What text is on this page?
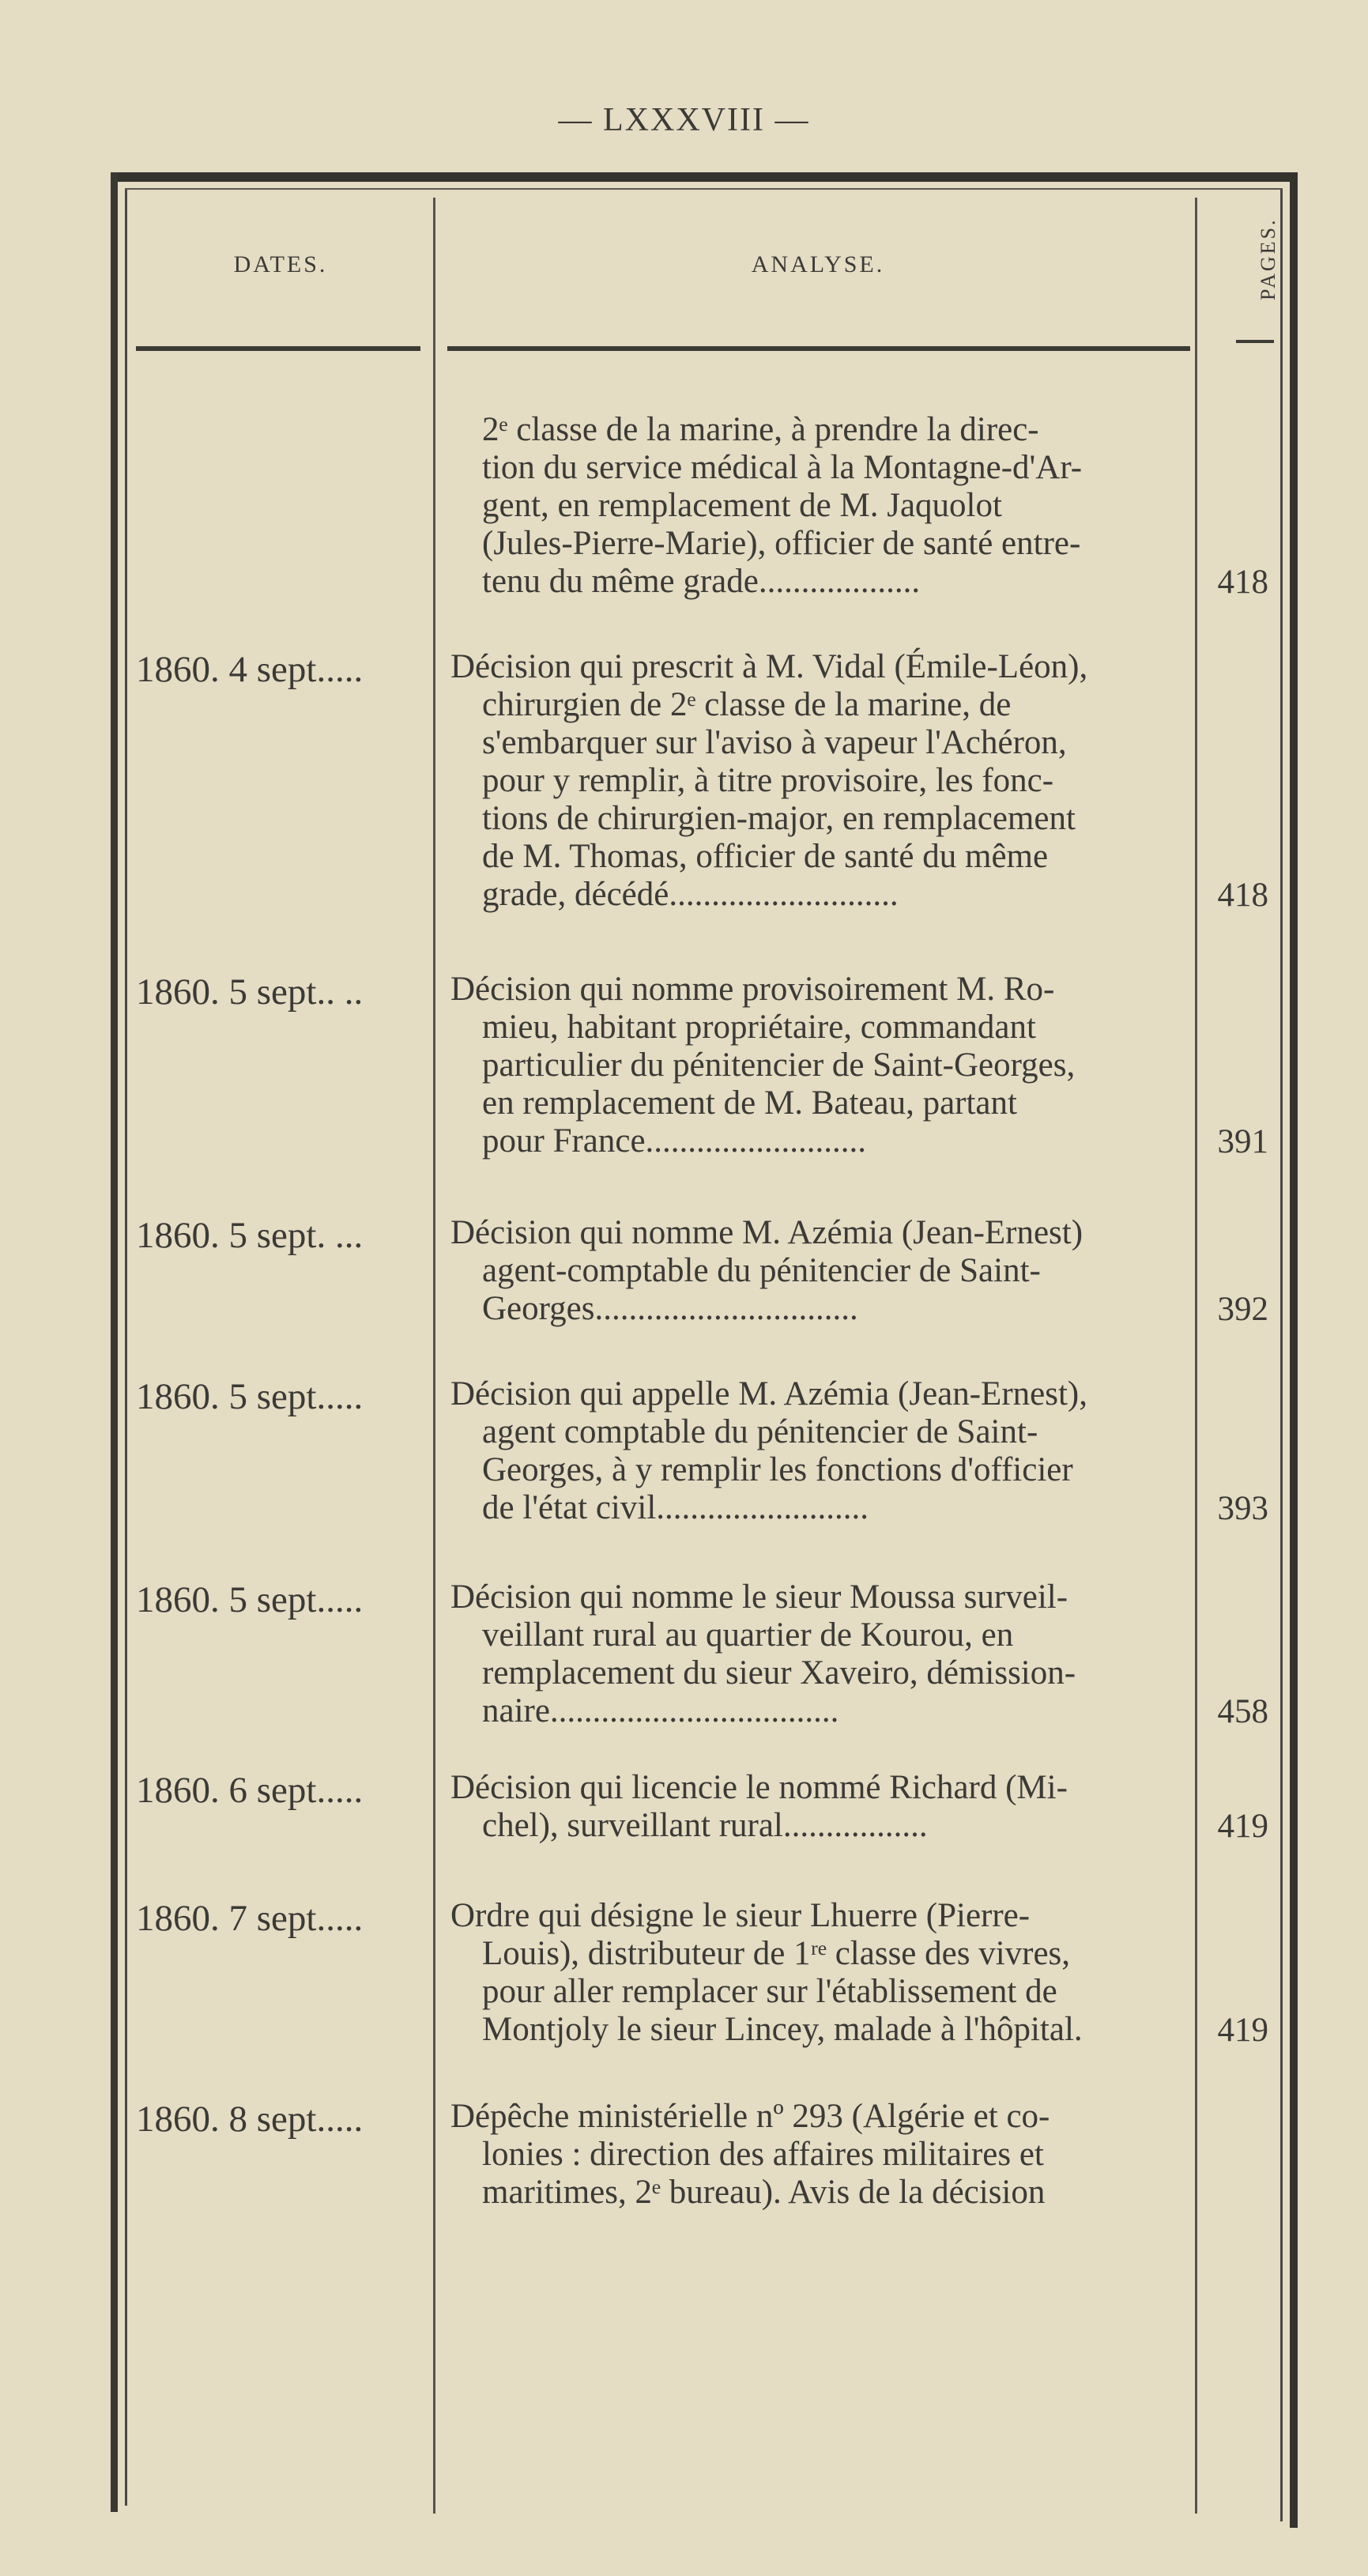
— LXXXVIII —
DATES.	ANALYSE.	PAGES.
2ᵉ classe de la marine, à prendre la direc-
tion du service médical à la Montagne-d'Ar-
gent, en remplacement de M. Jaquolot
(Jules-Pierre-Marie), officier de santé entre-
tenu du même grade...................	418
1860. 4 sept.....	Décision qui prescrit à M. Vidal (Émile-Léon),
chirurgien de 2ᵉ classe de la marine, de
s'embarquer sur l'aviso à vapeur l'Achéron,
pour y remplir, à titre provisoire, les fonc-
tions de chirurgien-major, en remplacement
de M. Thomas, officier de santé du même
grade, décédé...........................	418
1860. 5 sept.. ..	Décision qui nomme provisoirement M. Ro-
mieu, habitant propriétaire, commandant
particulier du pénitencier de Saint-Georges,
en remplacement de M. Bateau, partant
pour France..........................	391
1860. 5 sept. ...	Décision qui nomme M. Azémia (Jean-Ernest)
agent-comptable du pénitencier de Saint-
Georges...............................	392
1860. 5 sept.....	Décision qui appelle M. Azémia (Jean-Ernest),
agent comptable du pénitencier de Saint-
Georges, à y remplir les fonctions d'officier
de l'état civil.........................	393
1860. 5 sept.....	Décision qui nomme le sieur Moussa surveil-
veillant rural au quartier de Kourou, en
remplacement du sieur Xaveiro, démission-
naire..................................	458
1860. 6 sept.....	Décision qui licencie le nommé Richard (Mi-
chel), surveillant rural.................	419
1860. 7 sept.....	Ordre qui désigne le sieur Lhuerre (Pierre-
Louis), distributeur de 1ʳᵉ classe des vivres,
pour aller remplacer sur l'établissement de
Montjoly le sieur Lincey, malade à l'hôpital.	419
1860. 8 sept.....	Dépêche ministérielle nº 293 (Algérie et co-
lonies : direction des affaires militaires et
maritimes, 2ᵉ bureau). Avis de la décision
